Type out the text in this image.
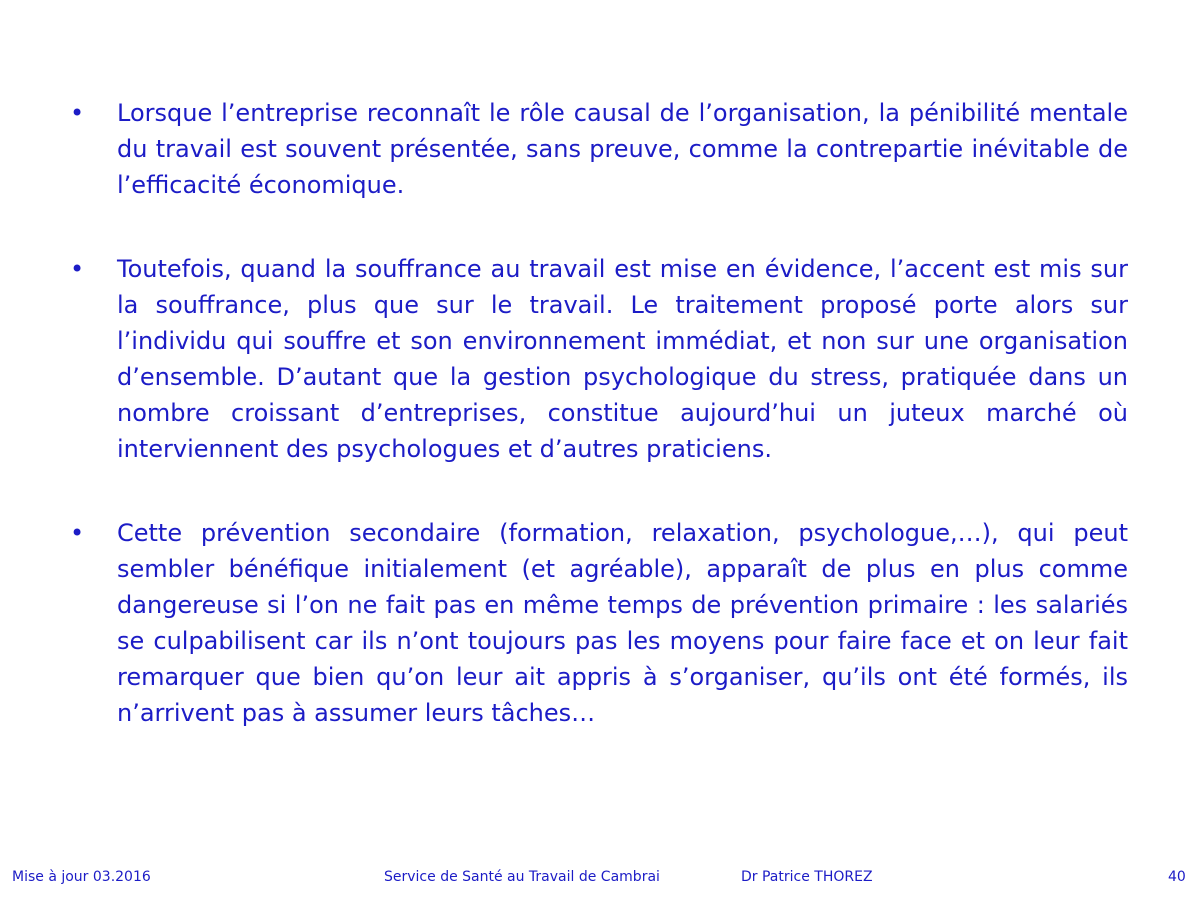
• Lorsque l’entreprise reconnaît le rôle causal de l’organisation, la pénibilité mentale du travail est souvent présentée, sans preuve, comme la contrepartie inévitable de l’efficacité économique.
• Toutefois, quand la souffrance au travail est mise en évidence, l’accent est mis sur la souffrance, plus que sur le travail. Le traitement proposé porte alors sur l’individu qui souffre et son environnement immédiat, et non sur une organisation d’ensemble. D’autant que la gestion psychologique du stress, pratiquée dans un nombre croissant d’entreprises, constitue aujourd’hui un juteux marché où interviennent des psychologues et d’autres praticiens.
• Cette prévention secondaire (formation, relaxation, psychologue,…), qui peut sembler bénéfique initialement (et agréable), apparaît de plus en plus comme dangereuse si l’on ne fait pas en même temps de prévention primaire : les salariés se culpabilisent car ils n’ont toujours pas les moyens pour faire face et on leur fait remarquer que bien qu’on leur ait appris à s’organiser, qu’ils ont été formés, ils n’arrivent pas à assumer leurs tâches…
Mise à jour 03.2016	Service de Santé au Travail de Cambrai	Dr Patrice THOREZ	40
